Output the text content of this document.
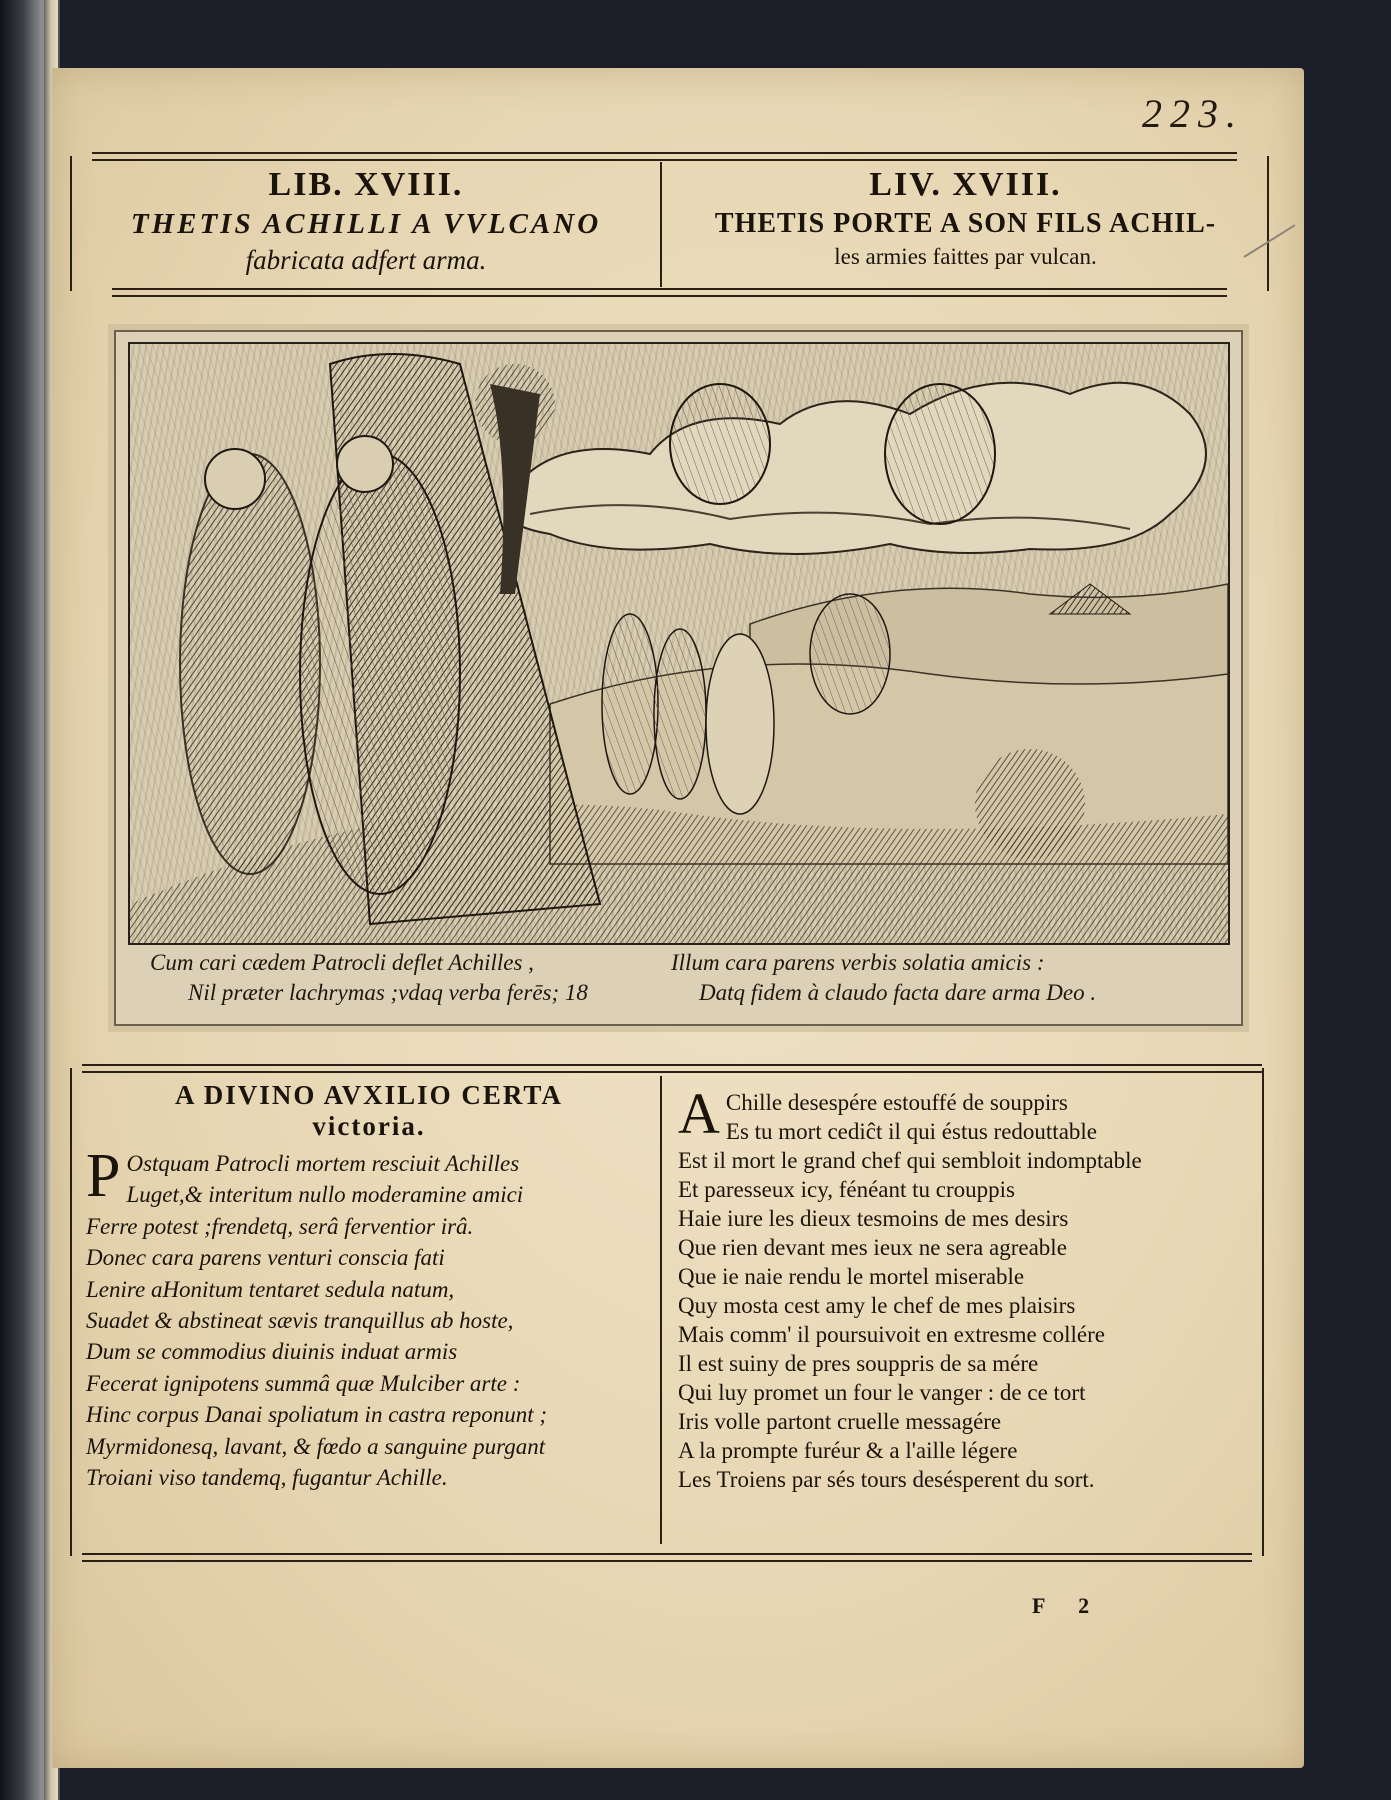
223.
LIB. XVIII.
THETIS ACHILLI A VVLCANO
fabricata adfert arma.
LIV. XVIII.
THETIS PORTE A SON FILS ACHIL-
les armies faittes par vulcan.
Cum cari cædem Patrocli deflet Achilles ,
Nil præter lachrymas ;vdaq verba ferēs; 18
Illum cara parens verbis solatia amicis :
Datq fidem à claudo facta dare arma Deo .
A DIVINO AVXILIO CERTA
victoria.
P Ostquam Patrocli mortem resciuit Achilles
Luget,& interitum nullo moderamine amici
Ferre potest ;frendetq, serâ ferventior irâ.
Donec cara parens venturi conscia fati
Lenire aHonitum tentaret sedula natum,
Suadet & abstineat sævis tranquillus ab hoste,
Dum se commodius diuinis induat armis
Fecerat ignipotens summâ quæ Mulciber arte :
Hinc corpus Danai spoliatum in castra reponunt ;
Myrmidonesq, lavant, & fœdo a sanguine purgant
Troiani viso tandemq, fugantur Achille.
A Chille desespére estouffé de souppirs
Es tu mort cediĉt il qui éstus redouttable
Est il mort le grand chef qui sembloit indomptable
Et paresseux icy, fénéant tu crouppis
Haie iure les dieux tesmoins de mes desirs
Que rien devant mes ieux ne sera agreable
Que ie naie rendu le mortel miserable
Quy mosta cest amy le chef de mes plaisirs
Mais comm' il poursuivoit en extresme collére
Il est suiny de pres souppris de sa mére
Qui luy promet un four le vanger : de ce tort
Iris volle partont cruelle messagére
A la prompte furéur & a l'aille légere
Les Troiens par sés tours desésperent du sort.
F 2
